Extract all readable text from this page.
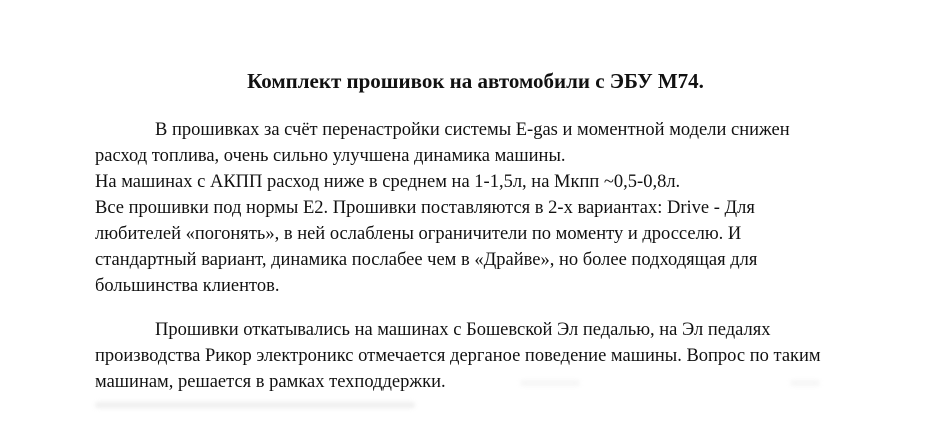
Комплект прошивок на автомобили с ЭБУ М74.
В прошивках за счёт перенастройки системы E-gas и моментной модели снижен
расход топлива, очень сильно улучшена динамика машины.
На машинах с АКПП расход ниже в среднем на 1-1,5л, на Мкпп ~0,5-0,8л.
Все прошивки под нормы Е2. Прошивки поставляются в 2-х вариантах: Drive - Для
любителей «погонять», в ней ослаблены ограничители по моменту и дросселю. И
стандартный вариант, динамика послабее чем в «Драйве», но более подходящая для
большинства клиентов.
Прошивки откатывались на машинах с Бошевской Эл педалью, на Эл педалях
производства Рикор электроникс отмечается дерганое поведение машины. Вопрос по таким
машинам, решается в рамках техподдержки.
